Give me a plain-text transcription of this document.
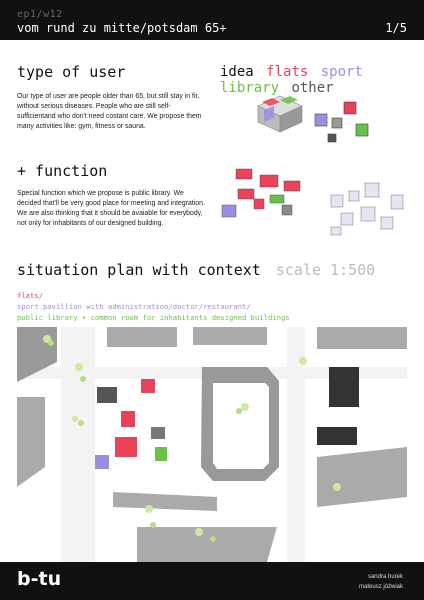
ep1/w12
vom rund zu mitte/potsdam 65+	1/5
type of user
Our type of user are people older than 65, but still stay in fit, without serious diseases. People who are still self-sufficientand who don't need costant care. We propose them many activities like: gym, fitness or sauna.
+ function
Special function which we propose is public library. We decided that'll be very good place for meeting and integration. We are also thinking that it should be avaiable for everybody, not only for inhabitants of our designed building.
idea flats sport library other
situation plan with context scale 1:500
flats/
sport pavillion with administration/doctor/restaurant/
public library + common room for inhabitants designed buildings
b-tu	sandra hurek
mateusz jóźwiak
